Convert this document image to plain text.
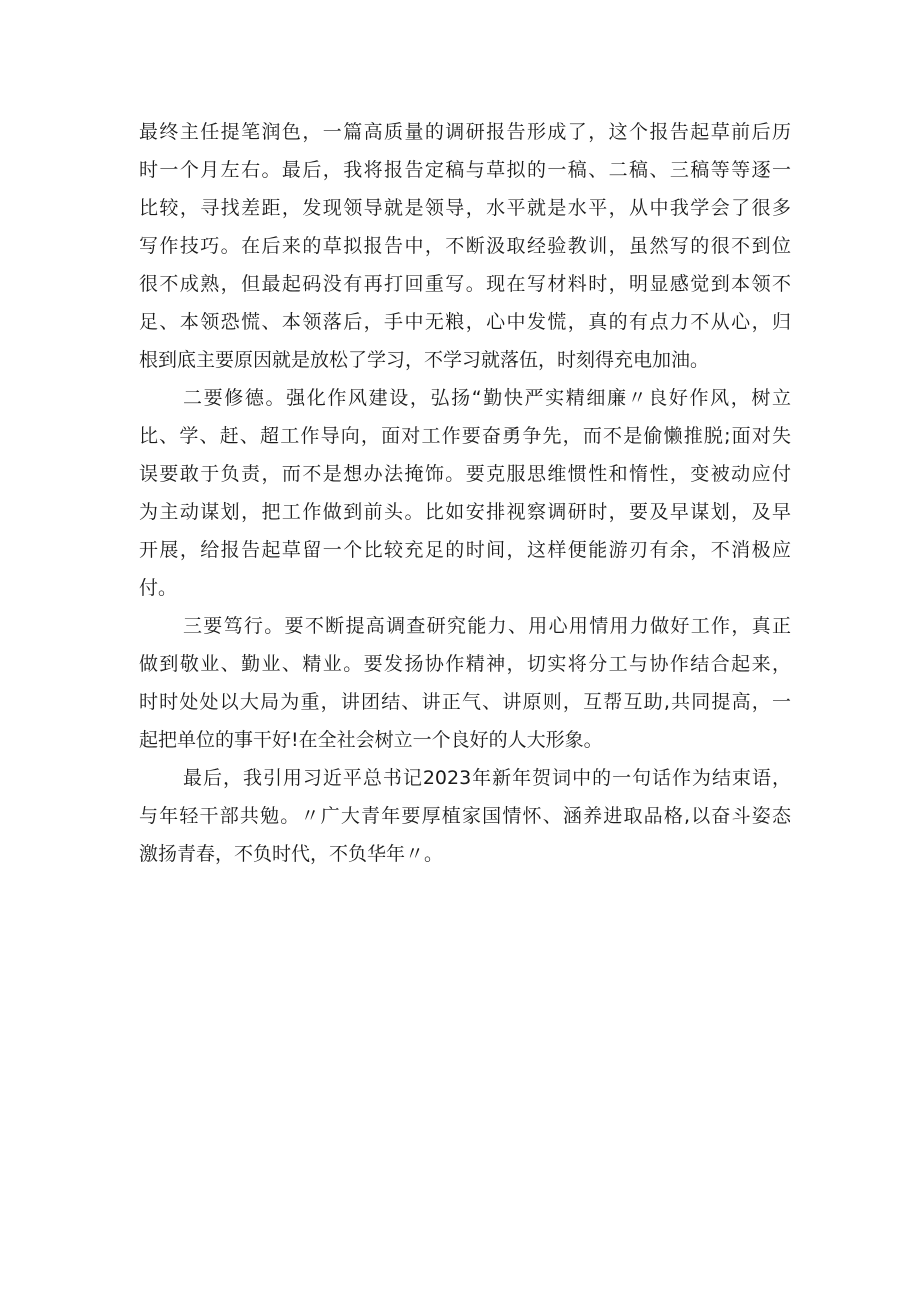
最终主任提笔润色，一篇高质量的调研报告形成了，这个报告起草前后历
时一个月左右。最后，我将报告定稿与草拟的一稿、二稿、三稿等等逐一
比较，寻找差距，发现领导就是领导，水平就是水平，从中我学会了很多
写作技巧。在后来的草拟报告中，不断汲取经验教训，虽然写的很不到位
很不成熟，但最起码没有再打回重写。现在写材料时，明显感觉到本领不
足、本领恐慌、本领落后，手中无粮，心中发慌，真的有点力不从心，归
根到底主要原因就是放松了学习，不学习就落伍，时刻得充电加油。
二要修德。强化作风建设，弘扬“勤快严实精细廉〃良好作风，树立
比、学、赶、超工作导向，面对工作要奋勇争先，而不是偷懒推脱;面对失
误要敢于负责，而不是想办法掩饰。要克服思维惯性和惰性，变被动应付
为主动谋划，把工作做到前头。比如安排视察调研时，要及早谋划，及早
开展，给报告起草留一个比较充足的时间，这样便能游刃有余，不消极应
付。
三要笃行。要不断提高调查研究能力、用心用情用力做好工作，真正
做到敬业、勤业、精业。要发扬协作精神，切实将分工与协作结合起来，
时时处处以大局为重，讲团结、讲正气、讲原则，互帮互助,共同提高，一
起把单位的事干好!在全社会树立一个良好的人大形象。
最后，我引用习近平总书记2023年新年贺词中的一句话作为结束语，
与年轻干部共勉。〃广大青年要厚植家国情怀、涵养进取品格,以奋斗姿态
激扬青春，不负时代，不负华年〃。
